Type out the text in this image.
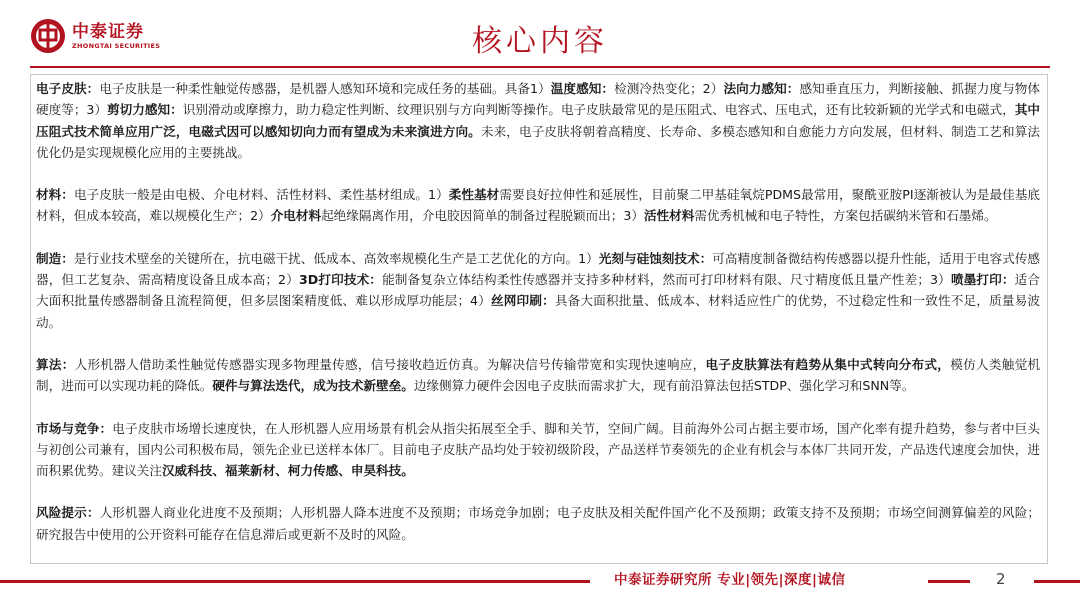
中泰证券
ZHONGTAI SECURITIES	核心内容

电子皮肤：电子皮肤是一种柔性触觉传感器，是机器人感知环境和完成任务的基础。具备1）温度感知：检测冷热变化；2）法向力感知：感知垂直压力，判断接触、抓握力度与物体硬度等；3）剪切力感知：识别滑动或摩擦力，助力稳定性判断、纹理识别与方向判断等操作。电子皮肤最常见的是压阻式、电容式、压电式，还有比较新颖的光学式和电磁式，其中压阻式技术简单应用广泛，电磁式因可以感知切向力而有望成为未来演进方向。未来，电子皮肤将朝着高精度、长寿命、多模态感知和自愈能力方向发展，但材料、制造工艺和算法优化仍是实现规模化应用的主要挑战。

材料：电子皮肤一般是由电极、介电材料、活性材料、柔性基材组成。1）柔性基材需要良好拉伸性和延展性，目前聚二甲基硅氧烷PDMS最常用，聚酰亚胺PI逐渐被认为是最佳基底材料，但成本较高，难以规模化生产；2）介电材料起绝缘隔离作用，介电胶因简单的制备过程脱颖而出；3）活性材料需优秀机械和电子特性，方案包括碳纳米管和石墨烯。

制造：是行业技术壁垒的关键所在，抗电磁干扰、低成本、高效率规模化生产是工艺优化的方向。1）光刻与硅蚀刻技术：可高精度制备微结构传感器以提升性能，适用于电容式传感器，但工艺复杂、需高精度设备且成本高；2）3D打印技术：能制备复杂立体结构柔性传感器并支持多种材料，然而可打印材料有限、尺寸精度低且量产性差；3）喷墨打印：适合大面积批量传感器制备且流程简便，但多层图案精度低、难以形成厚功能层；4）丝网印刷：具备大面积批量、低成本、材料适应性广的优势，不过稳定性和一致性不足，质量易波动。

算法：人形机器人借助柔性触觉传感器实现多物理量传感，信号接收趋近仿真。为解决信号传输带宽和实现快速响应，电子皮肤算法有趋势从集中式转向分布式，模仿人类触觉机制，进而可以实现功耗的降低。硬件与算法迭代，成为技术新壁垒。边缘侧算力硬件会因电子皮肤而需求扩大，现有前沿算法包括STDP、强化学习和SNN等。

市场与竞争：电子皮肤市场增长速度快，在人形机器人应用场景有机会从指尖拓展至全手、脚和关节，空间广阔。目前海外公司占据主要市场，国产化率有提升趋势，参与者中巨头与初创公司兼有，国内公司积极布局，领先企业已送样本体厂。目前电子皮肤产品均处于较初级阶段，产品送样节奏领先的企业有机会与本体厂共同开发，产品迭代速度会加快，进而积累优势。建议关注汉威科技、福莱新材、柯力传感、申昊科技。

风险提示：人形机器人商业化进度不及预期；人形机器人降本进度不及预期；市场竞争加剧；电子皮肤及相关配件国产化不及预期；政策支持不及预期；市场空间测算偏差的风险；研究报告中使用的公开资料可能存在信息滞后或更新不及时的风险。

中泰证券研究所 专业|领先|深度|诚信	2
